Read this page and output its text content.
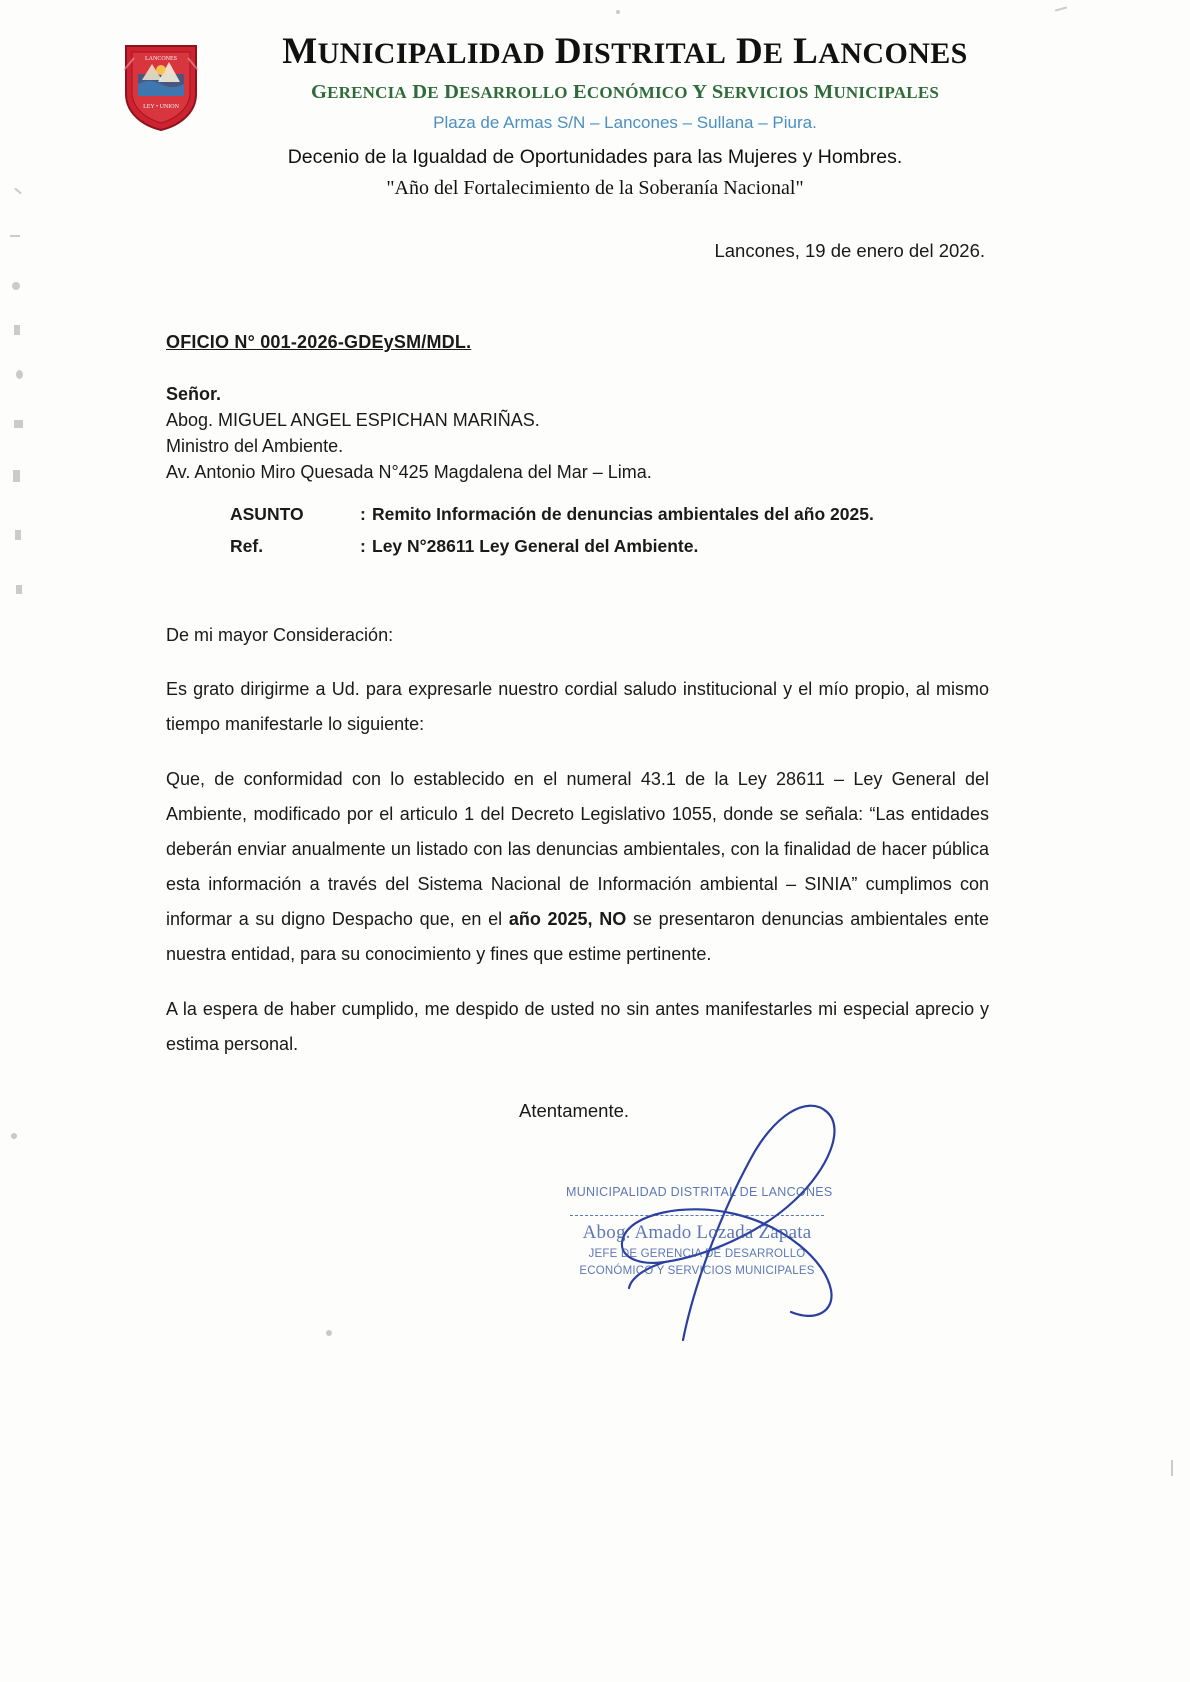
LANCONES
LEY • UNION
MUNICIPALIDAD DISTRITAL DE LANCONES
GERENCIA DE DESARROLLO ECONÓMICO Y SERVICIOS MUNICIPALES
Plaza de Armas S/N – Lancones – Sullana – Piura.
Decenio de la Igualdad de Oportunidades para las Mujeres y Hombres.
"Año del Fortalecimiento de la Soberanía Nacional"
Lancones, 19 de enero del 2026.
OFICIO N° 001-2026-GDEySM/MDL.
Señor.
Abog. MIGUEL ANGEL ESPICHAN MARIÑAS.
Ministro del Ambiente.
Av. Antonio Miro Quesada N°425 Magdalena del Mar – Lima.
ASUNTO	: Remito Información de denuncias ambientales del año 2025.
Ref.	: Ley N°28611 Ley General del Ambiente.
De mi mayor Consideración:

Es grato dirigirme a Ud. para expresarle nuestro cordial saludo institucional y el mío propio, al mismo tiempo manifestarle lo siguiente:

Que, de conformidad con lo establecido en el numeral 43.1 de la Ley 28611 – Ley General del Ambiente, modificado por el articulo 1 del Decreto Legislativo 1055, donde se señala: “Las entidades deberán enviar anualmente un listado con las denuncias ambientales, con la finalidad de hacer pública esta información a través del Sistema Nacional de Información ambiental – SINIA” cumplimos con informar a su digno Despacho que, en el año 2025, NO se presentaron denuncias ambientales ente nuestra entidad, para su conocimiento y fines que estime pertinente.

A la espera de haber cumplido, me despido de usted no sin antes manifestarles mi especial aprecio y estima personal.

Atentamente.
MUNICIPALIDAD DISTRITAL DE LANCONES
Abog. Amado Lozada Zapata
JEFE DE GERENCIA DE DESARROLLO
ECONÓMICO Y SERVICIOS MUNICIPALES
